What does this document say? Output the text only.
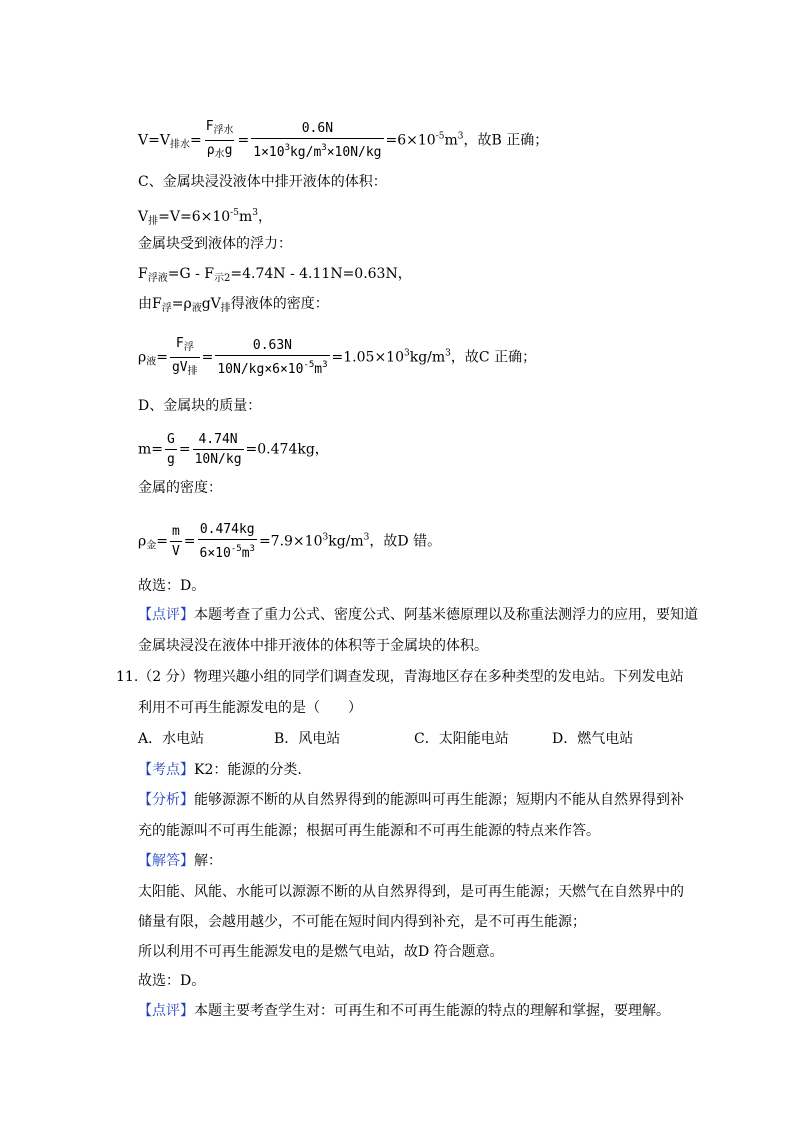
$V=V_{排水}= \frac{F_{浮水}}{\rho_水g} = \frac{0.6N}{1\times 10^3kg/m^3\times 10N/kg} =6\times 10^{-5}m^3$，故B 正确；
C、金属块浸没液体中排开液体的体积：
$V_排=V=6\times 10^{-5}m^3$，
金属块受到液体的浮力：
$F_{浮液}=G - F_{示2}=4.74N - 4.11N=0.63N$，
由$F_浮=\rho_液gV_排$得液体的密度：
$\rho_液= \frac{F_浮}{gV_排} = \frac{0.63N}{10N/kg\times 6\times 10^{-5}m^3} =1.05\times 10^3kg/m^3$，故C 正确；
D、金属块的质量：
$m= \frac{G}{g} = \frac{4.74N}{10N/kg} =0.474kg$，
金属的密度：
$\rho_金= \frac{m}{V} = \frac{0.474kg}{6\times 10^{-5}m^3} =7.9\times 10^3kg/m^3$，故D 错。
故选：D。
【点评】本题考查了重力公式、密度公式、阿基米德原理以及称重法测浮力的应用，要知道
金属块浸没在液体中排开液体的体积等于金属块的体积。
11.（2 分）物理兴趣小组的同学们调查发现，青海地区存在多种类型的发电站。下列发电站
利用不可再生能源发电的是（　　）
A．水电站	B．风电站	C．太阳能电站	D．燃气电站
【考点】K2：能源的分类.
【分析】能够源源不断的从自然界得到的能源叫可再生能源；短期内不能从自然界得到补
充的能源叫不可再生能源；根据可再生能源和不可再生能源的特点来作答。
【解答】解：
太阳能、风能、水能可以源源不断的从自然界得到，是可再生能源；天燃气在自然界中的
储量有限，会越用越少，不可能在短时间内得到补充，是不可再生能源；
所以利用不可再生能源发电的是燃气电站，故D 符合题意。
故选：D。
【点评】本题主要考查学生对：可再生和不可再生能源的特点的理解和掌握，要理解。
